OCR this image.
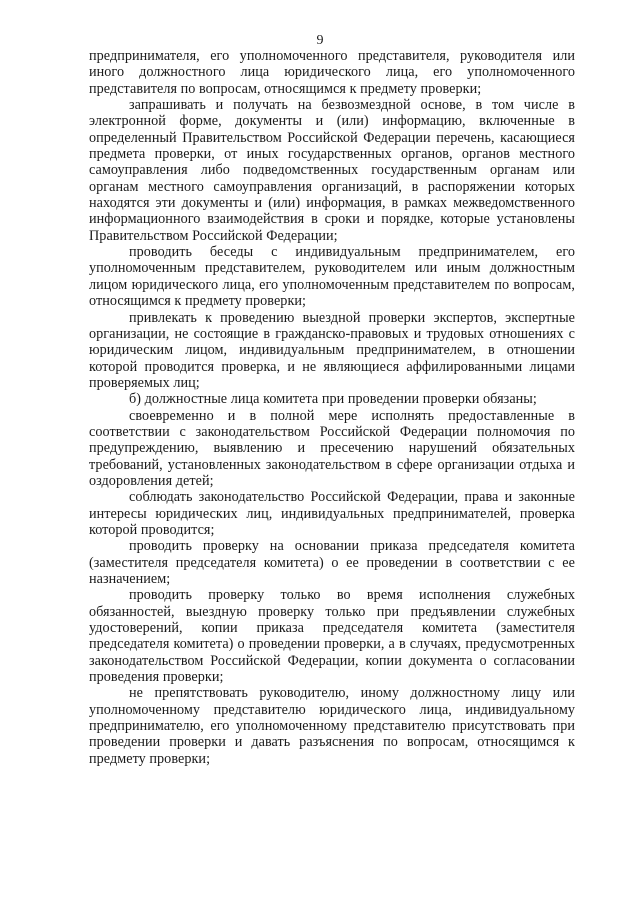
9

предпринимателя, его уполномоченного представителя, руководителя или иного должностного лица юридического лица, его уполномоченного представителя по вопросам, относящимся к предмету проверки;

запрашивать и получать на безвозмездной основе, в том числе в электронной форме, документы и (или) информацию, включенные в определенный Правительством Российской Федерации перечень, касающиеся предмета проверки, от иных государственных органов, органов местного самоуправления либо подведомственных государственным органам или органам местного самоуправления организаций, в распоряжении которых находятся эти документы и (или) информация, в рамках межведомственного информационного взаимодействия в сроки и порядке, которые установлены Правительством Российской Федерации;

проводить беседы с индивидуальным предпринимателем, его уполномоченным представителем, руководителем или иным должностным лицом юридического лица, его уполномоченным представителем по вопросам, относящимся к предмету проверки;

привлекать к проведению выездной проверки экспертов, экспертные организации, не состоящие в гражданско-правовых и трудовых отношениях с юридическим лицом, индивидуальным предпринимателем, в отношении которой проводится проверка, и не являющиеся аффилированными лицами проверяемых лиц;

б) должностные лица комитета при проведении проверки обязаны;

своевременно и в полной мере исполнять предоставленные в соответствии с законодательством Российской Федерации полномочия по предупреждению, выявлению и пресечению нарушений обязательных требований, установленных законодательством в сфере организации отдыха и оздоровления детей;

соблюдать законодательство Российской Федерации, права и законные интересы юридических лиц, индивидуальных предпринимателей, проверка которой проводится;

проводить проверку на основании приказа председателя комитета (заместителя председателя комитета) о ее проведении в соответствии с ее назначением;

проводить проверку только во время исполнения служебных обязанностей, выездную проверку только при предъявлении служебных удостоверений, копии приказа председателя комитета (заместителя председателя комитета) о проведении проверки, а в случаях, предусмотренных законодательством Российской Федерации, копии документа о согласовании проведения проверки;

не препятствовать руководителю, иному должностному лицу или уполномоченному представителю юридического лица, индивидуальному предпринимателю, его уполномоченному представителю присутствовать при проведении проверки и давать разъяснения по вопросам, относящимся к предмету проверки;
